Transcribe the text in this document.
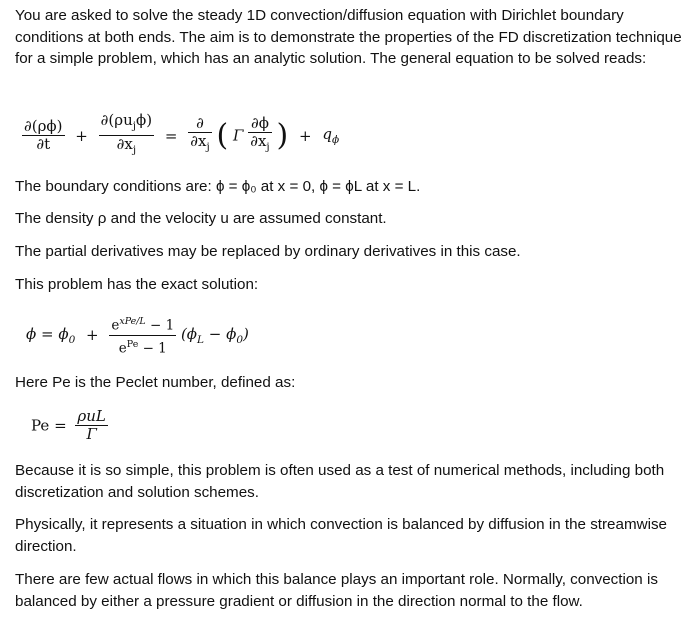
You are asked to solve the steady 1D convection/diffusion equation with Dirichlet boundary conditions at both ends. The aim is to demonstrate the properties of the FD discretization technique for a simple problem, which has an analytic solution. The general equation to be solved reads:

$\frac{\partial(\rho\phi)}{\partial t} + \frac{\partial(\rho u_j\phi)}{\partial x_j} = \frac{\partial}{\partial x_j}$ ( Γ $\frac{\partial\phi}{\partial x_j}$ ) + $q_\phi$

The boundary conditions are: ϕ = ϕ₀ at x = 0, ϕ = ϕL at x = L.

The density ρ and the velocity u are assumed constant.

The partial derivatives may be replaced by ordinary derivatives in this case.

This problem has the exact solution:

$\phi = \phi_0 + \frac{e^{xPe/L} - 1}{e^{Pe} - 1} (\phi_L - \phi_0)$

Here Pe is the Peclet number, defined as:

$Pe = \frac{\text{ρuL}}{\Gamma}$

Because it is so simple, this problem is often used as a test of numerical methods, including both discretization and solution schemes.

Physically, it represents a situation in which convection is balanced by diffusion in the streamwise direction.

There are few actual flows in which this balance plays an important role. Normally, convection is balanced by either a pressure gradient or diffusion in the direction normal to the flow.
